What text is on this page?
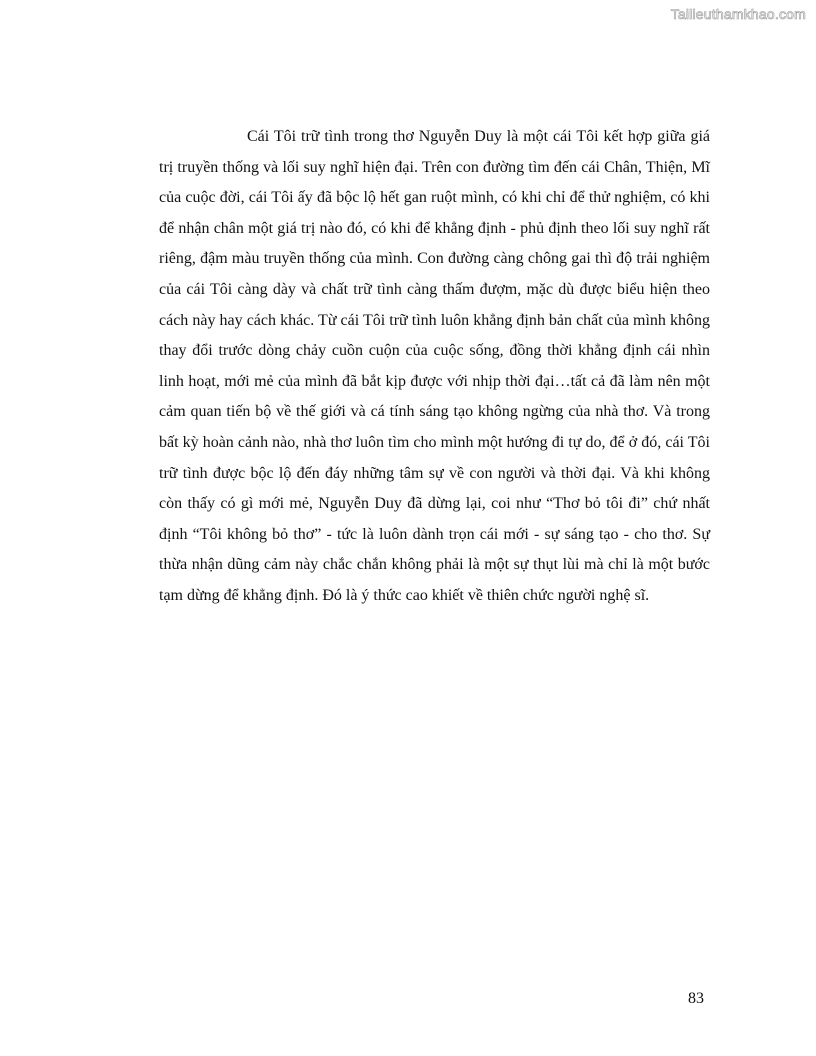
Tailieuthamkhao.com

Cái Tôi trữ tình trong thơ Nguyễn Duy là một cái Tôi kết hợp giữa giá trị truyền thống và lối suy nghĩ hiện đại. Trên con đường tìm đến cái Chân, Thiện, Mĩ của cuộc đời, cái Tôi ấy đã bộc lộ hết gan ruột mình, có khi chỉ để thử nghiệm, có khi để nhận chân một giá trị nào đó, có khi để khẳng định - phủ định theo lối suy nghĩ rất riêng, đậm màu truyền thống của mình. Con đường càng chông gai thì độ trải nghiệm của cái Tôi càng dày và chất trữ tình càng thấm đượm, mặc dù được biểu hiện theo cách này hay cách khác. Từ cái Tôi trữ tình luôn khẳng định bản chất của mình không thay đổi trước dòng chảy cuồn cuộn của cuộc sống, đồng thời khẳng định cái nhìn linh hoạt, mới mẻ của mình đã bắt kịp được với nhịp thời đại…tất cả đã làm nên một cảm quan tiến bộ về thế giới và cá tính sáng tạo không ngừng của nhà thơ. Và trong bất kỳ hoàn cảnh nào, nhà thơ luôn tìm cho mình một hướng đi tự do, để ở đó, cái Tôi trữ tình được bộc lộ đến đáy những tâm sự về con người và thời đại. Và khi không còn thấy có gì mới mẻ, Nguyễn Duy đã dừng lại, coi như “Thơ bỏ tôi đi” chứ nhất định “Tôi không bỏ thơ” - tức là luôn dành trọn cái mới - sự sáng tạo - cho thơ. Sự thừa nhận dũng cảm này chắc chắn không phải là một sự thụt lùi mà chỉ là một bước tạm dừng để khẳng định. Đó là ý thức cao khiết về thiên chức người nghệ sĩ.

83
